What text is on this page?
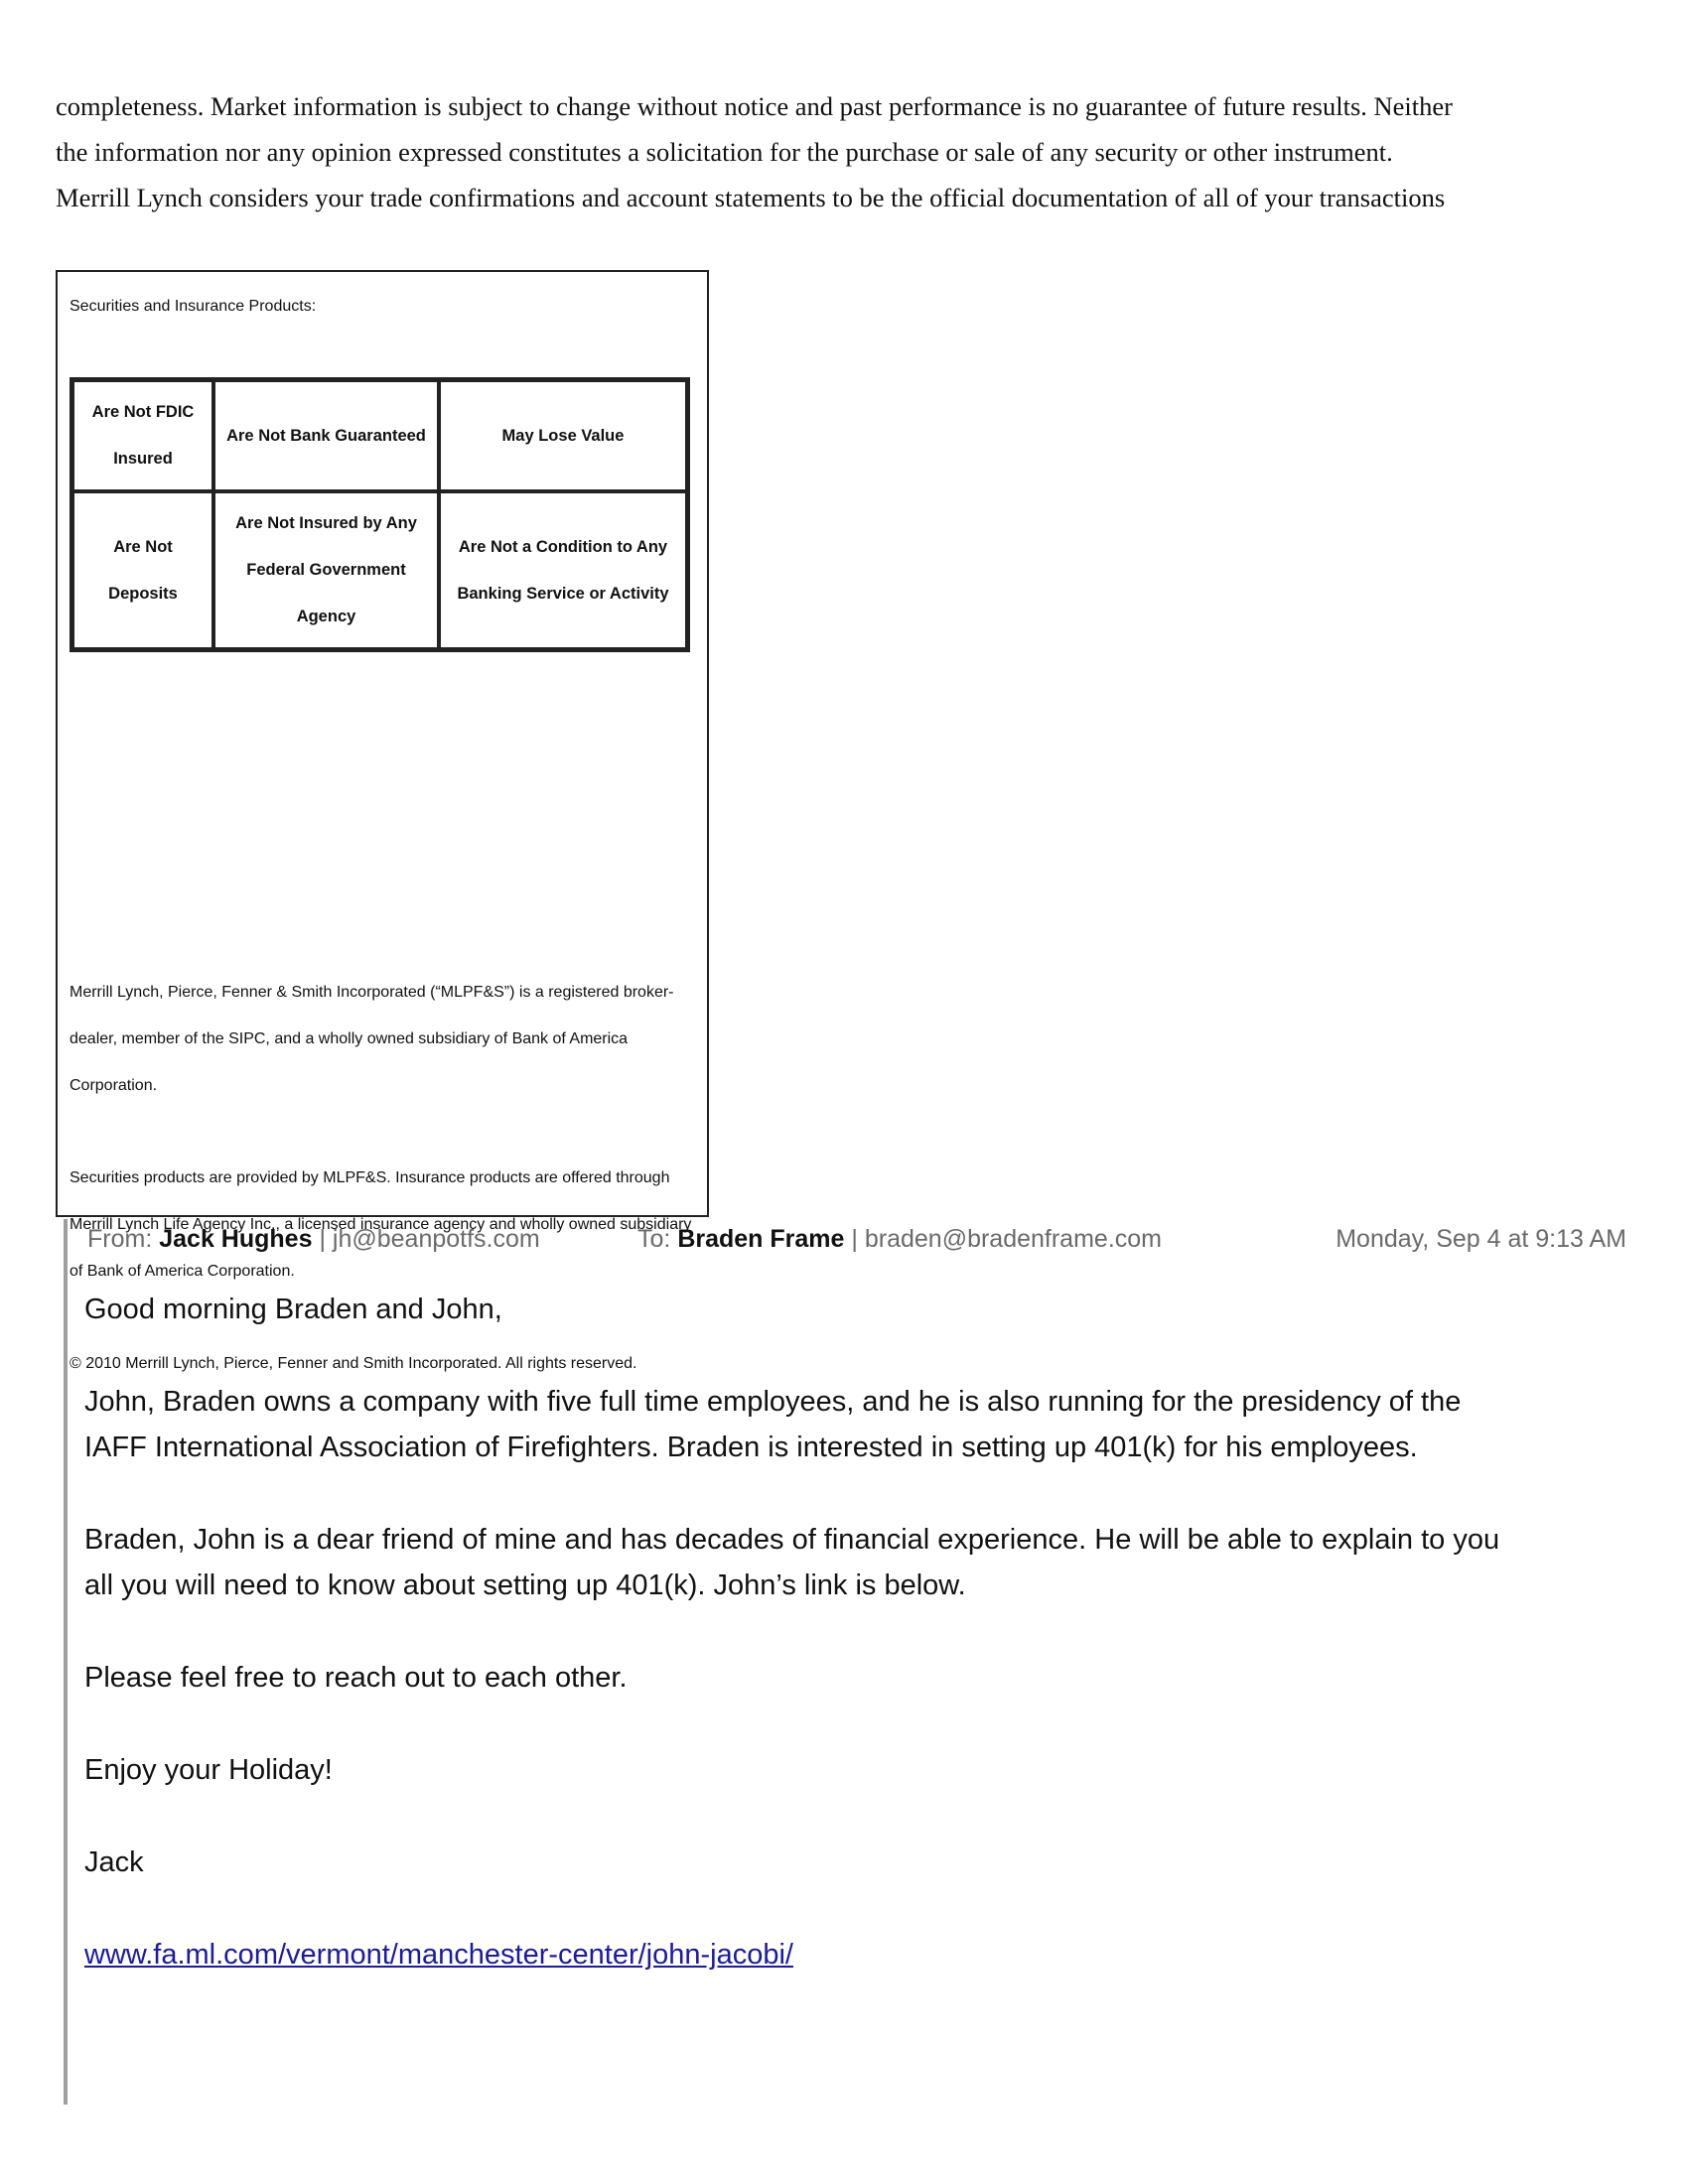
completeness. Market information is subject to change without notice and past performance is no guarantee of future results. Neither

the information nor any opinion expressed constitutes a solicitation for the purchase or sale of any security or other instrument.

Merrill Lynch considers your trade confirmations and account statements to be the official documentation of all of your transactions

Securities and Insurance Products:
Are Not FDIC Insured	Are Not Bank Guaranteed	May Lose Value
Are Not Deposits	Are Not Insured by Any Federal Government Agency	Are Not a Condition to Any Banking Service or Activity

Merrill Lynch, Pierce, Fenner & Smith Incorporated (“MLPF&S”) is a registered broker-dealer, member of the SIPC, and a wholly owned subsidiary of Bank of America Corporation.

Securities products are provided by MLPF&S. Insurance products are offered through Merrill Lynch Life Agency Inc., a licensed insurance agency and wholly owned subsidiary of Bank of America Corporation.

© 2010 Merrill Lynch, Pierce, Fenner and Smith Incorporated. All rights reserved.

From: Jack Hughes | jh@beanpotfs.com	To: Braden Frame | braden@bradenframe.com	Monday, Sep 4 at 9:13 AM

Good morning Braden and John,

John, Braden owns a company with five full time employees, and he is also running for the presidency of the
IAFF International Association of Firefighters. Braden is interested in setting up 401(k) for his employees.

Braden, John is a dear friend of mine and has decades of financial experience. He will be able to explain to you
all you will need to know about setting up 401(k). John’s link is below.

Please feel free to reach out to each other.

Enjoy your Holiday!

Jack

www.fa.ml.com/vermont/manchester-center/john-jacobi/
